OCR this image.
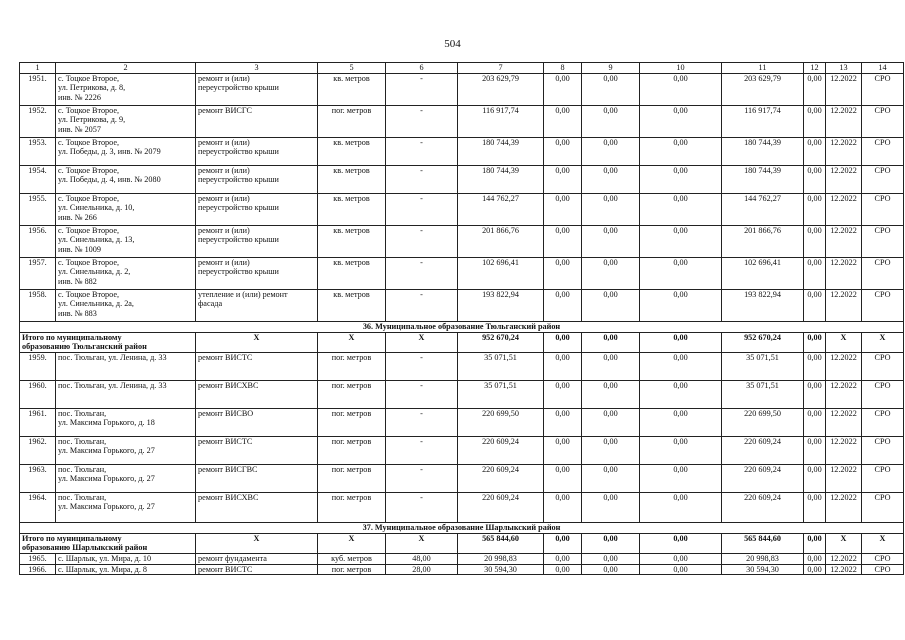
504
1	2	3	5	6	7	8	9	10	11	12	13	14
1951.	с. Тоцкое Второе,
ул. Петрикова, д. 8,
инв. № 2226	ремонт и (или)
переустройство крыши	кв. метров	-	203 629,79	0,00	0,00	0,00	203 629,79	0,00	12.2022	СРО
1952.	с. Тоцкое Второе,
ул. Петрикова, д. 9,
инв. № 2057	ремонт ВИСГС	пог. метров	-	116 917,74	0,00	0,00	0,00	116 917,74	0,00	12.2022	СРО
1953.	с. Тоцкое Второе,
ул. Победы, д. 3, инв. № 2079	ремонт и (или)
переустройство крыши	кв. метров	-	180 744,39	0,00	0,00	0,00	180 744,39	0,00	12.2022	СРО
1954.	с. Тоцкое Второе,
ул. Победы, д. 4, инв. № 2080	ремонт и (или)
переустройство крыши	кв. метров	-	180 744,39	0,00	0,00	0,00	180 744,39	0,00	12.2022	СРО
1955.	с. Тоцкое Второе,
ул. Синельника, д. 10,
инв. № 266	ремонт и (или)
переустройство крыши	кв. метров	-	144 762,27	0,00	0,00	0,00	144 762,27	0,00	12.2022	СРО
1956.	с. Тоцкое Второе,
ул. Синельника, д. 13,
инв. № 1009	ремонт и (или)
переустройство крыши	кв. метров	-	201 866,76	0,00	0,00	0,00	201 866,76	0,00	12.2022	СРО
1957.	с. Тоцкое Второе,
ул. Синельника, д. 2,
инв. № 882	ремонт и (или)
переустройство крыши	кв. метров	-	102 696,41	0,00	0,00	0,00	102 696,41	0,00	12.2022	СРО
1958.	с. Тоцкое Второе,
ул. Синельника, д. 2а,
инв. № 883	утепление и (или) ремонт
фасада	кв. метров	-	193 822,94	0,00	0,00	0,00	193 822,94	0,00	12.2022	СРО
36. Муниципальное образование Тюльганский район												
Итого по муниципальному
образованию Тюльганский район		Х	Х	Х	952 670,24	0,00	0,00	0,00	952 670,24	0,00	Х	Х
1959.	пос. Тюльган, ул. Ленина, д. 33	ремонт ВИСТС	пог. метров	-	35 071,51	0,00	0,00	0,00	35 071,51	0,00	12.2022	СРО
1960.	пос. Тюльган, ул. Ленина, д. 33	ремонт ВИСХВС	пог. метров	-	35 071,51	0,00	0,00	0,00	35 071,51	0,00	12.2022	СРО
1961.	пос. Тюльган,
ул. Максима Горького, д. 18	ремонт ВИСВО	пог. метров	-	220 699,50	0,00	0,00	0,00	220 699,50	0,00	12.2022	СРО
1962.	пос. Тюльган,
ул. Максима Горького, д. 27	ремонт ВИСТС	пог. метров	-	220 609,24	0,00	0,00	0,00	220 609,24	0,00	12.2022	СРО
1963.	пос. Тюльган,
ул. Максима Горького, д. 27	ремонт ВИСГВС	пог. метров	-	220 609,24	0,00	0,00	0,00	220 609,24	0,00	12.2022	СРО
1964.	пос. Тюльган,
ул. Максима Горького, д. 27	ремонт ВИСХВС	пог. метров	-	220 609,24	0,00	0,00	0,00	220 609,24	0,00	12.2022	СРО
37. Муниципальное образование Шарлыкский район												
Итого по муниципальному
образованию Шарлыкский район		Х	Х	Х	565 844,60	0,00	0,00	0,00	565 844,60	0,00	Х	Х
1965.	с. Шарлык, ул. Мира, д. 10	ремонт фундамента	куб. метров	48,00	20 998,83	0,00	0,00	0,00	20 998,83	0,00	12.2022	СРО
1966.	с. Шарлык, ул. Мира, д. 8	ремонт ВИСТС	пог. метров	28,00	30 594,30	0,00	0,00	0,00	30 594,30	0,00	12.2022	СРО
